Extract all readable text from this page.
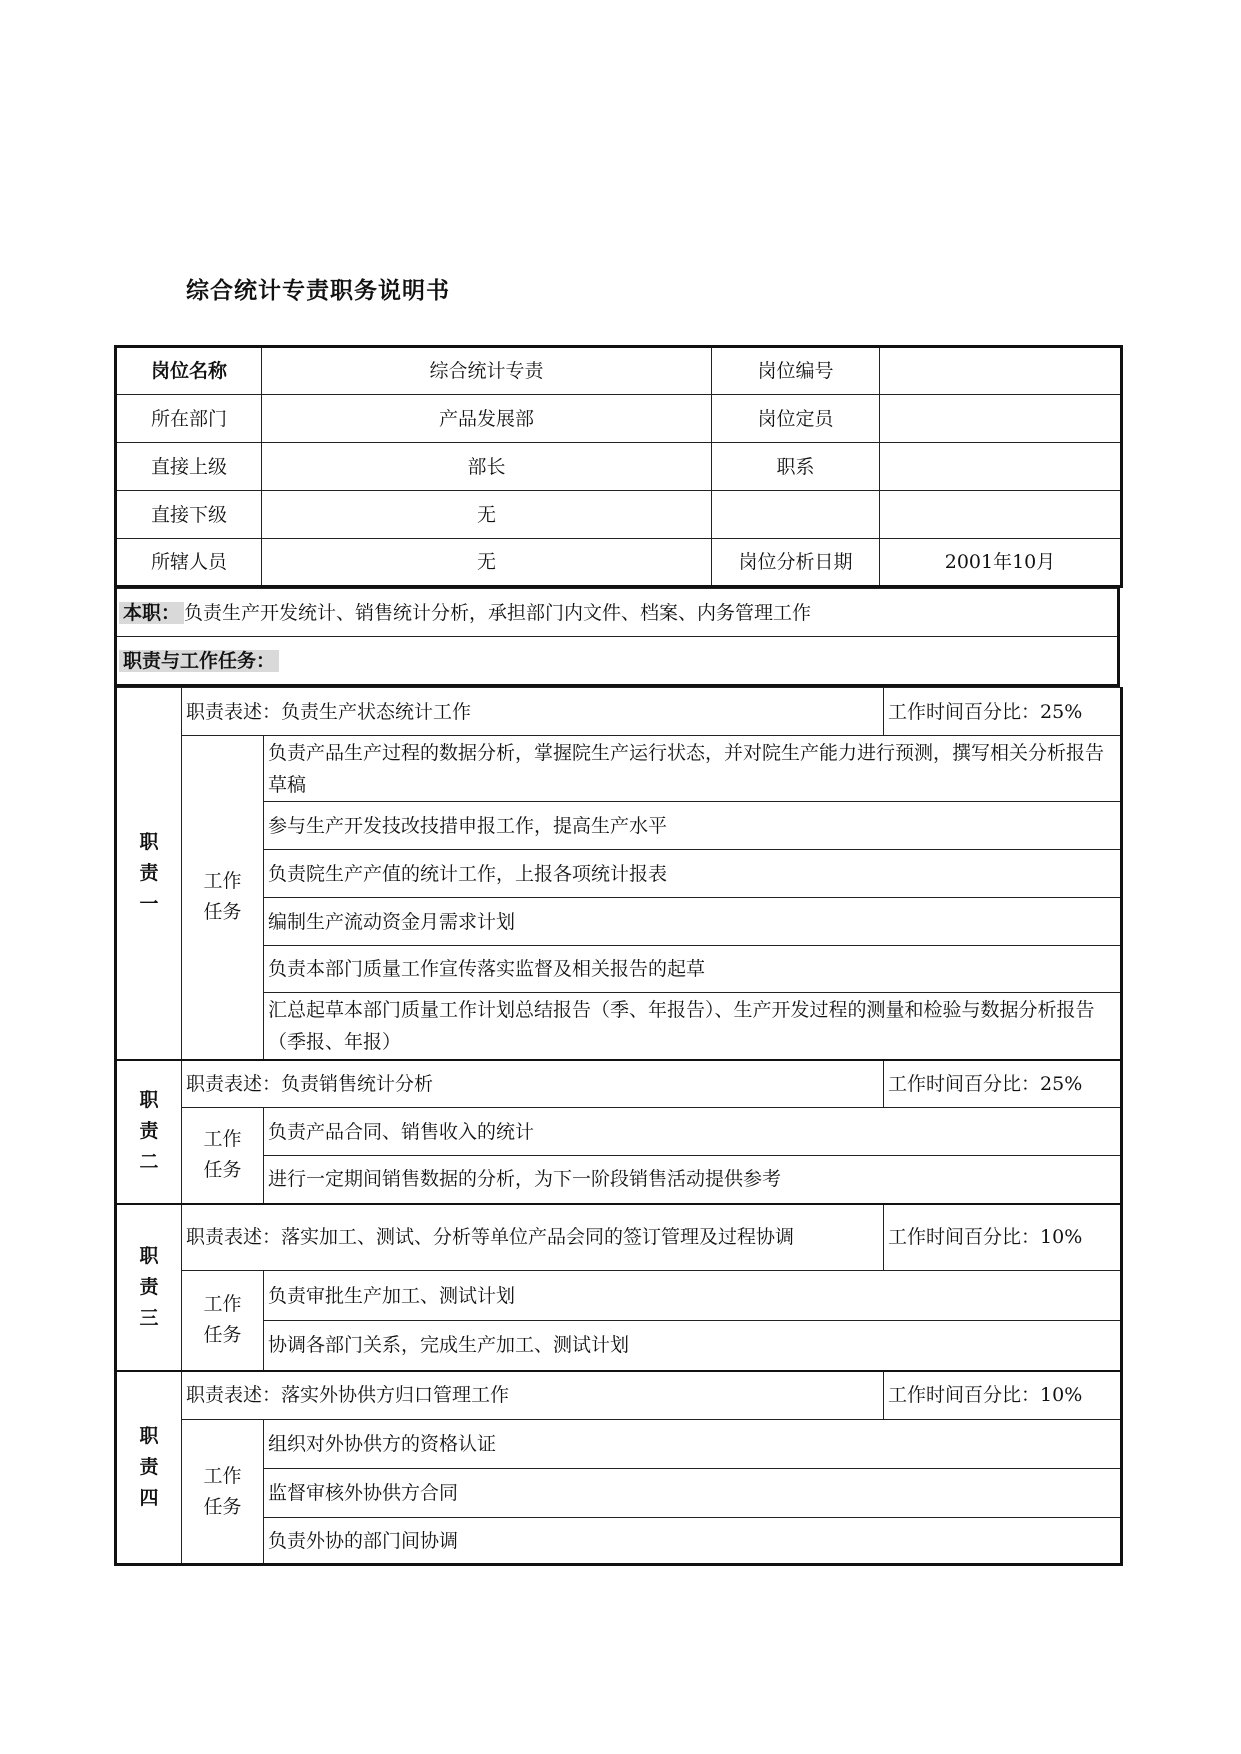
综合统计专责职务说明书
岗位名称	综合统计专责	岗位编号	
所在部门	产品发展部	岗位定员	
直接上级	部长	职系	
直接下级	无		
所辖人员	无	岗位分析日期	2001年10月
本职： 负责生产开发统计、销售统计分析，承担部门内文件、档案、内务管理工作
职责与工作任务：
职责一	职责表述：负责生产状态统计工作		工作时间百分比：25%

	工作任务	负责产品生产过程的数据分析，掌握院生产运行状态，并对院生产能力进行预测，撰写相关分析报告草稿	
		参与生产开发技改技措申报工作，提高生产水平	
		负责院生产产值的统计工作，上报各项统计报表	
		编制生产流动资金月需求计划	
		负责本部门质量工作宣传落实监督及相关报告的起草	
		汇总起草本部门质量工作计划总结报告（季、年报告）、生产开发过程的测量和检验与数据分析报告（季报、年报）	

职责二	职责表述：负责销售统计分析		工作时间百分比：25%

	工作任务	负责产品合同、销售收入的统计	
		进行一定期间销售数据的分析，为下一阶段销售活动提供参考	

职责三	职责表述：落实加工、测试、分析等单位产品会同的签订管理及过程协调		工作时间百分比：10%

	工作任务	负责审批生产加工、测试计划	
		协调各部门关系，完成生产加工、测试计划	

职责四	职责表述：落实外协供方归口管理工作		工作时间百分比：10%

	工作任务	组织对外协供方的资格认证	
		监督审核外协供方合同	
		负责外协的部门间协调	
